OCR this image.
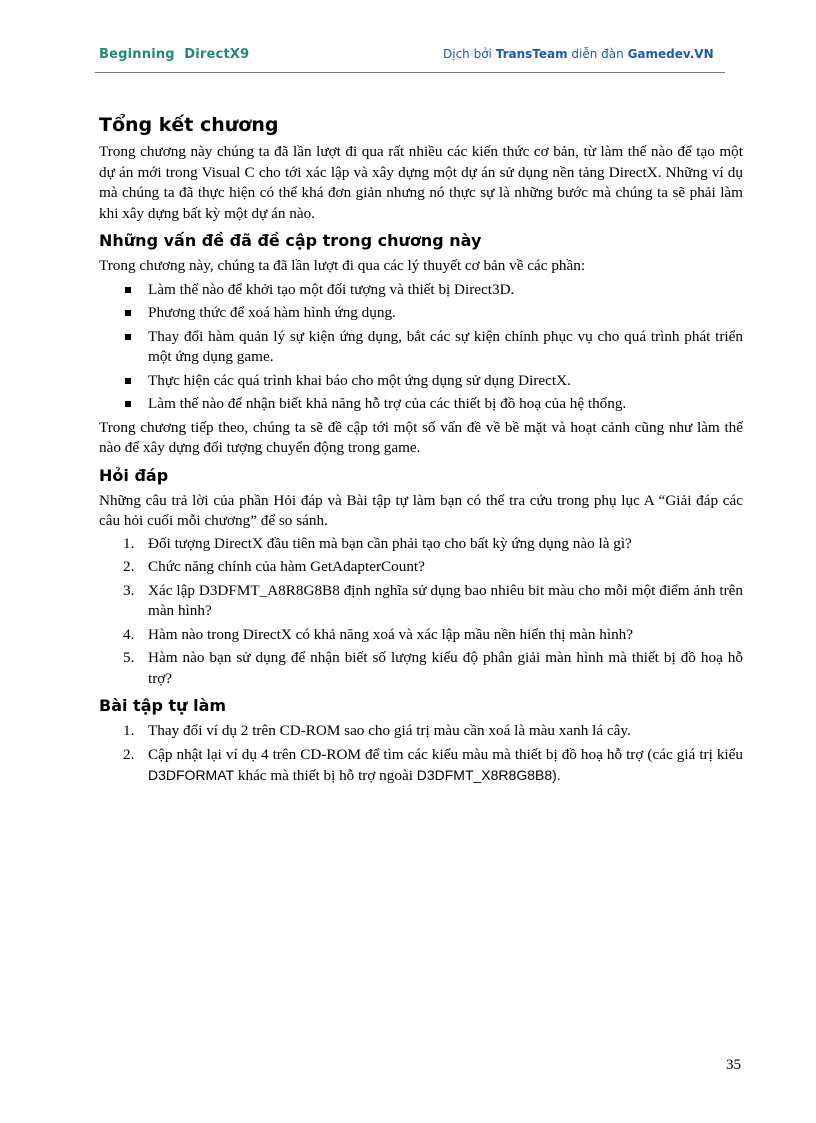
Beginning  DirectX9	Dịch bởi TransTeam diễn đàn Gamedev.VN
Tổng kết chương

Trong chương này chúng ta đã lần lượt đi qua rất nhiều các kiến thức cơ bản, từ làm thế nào để tạo một dự án mới trong Visual C cho tới xác lập và xây dựng một dự án sử dụng nền tảng DirectX. Những ví dụ mà chúng ta đã thực hiện có thể khá đơn giản nhưng nó thực sự là những bước mà chúng ta sẽ phải làm khi xây dựng bất kỳ một dự án nào.

Những vấn đề đã đề cập trong chương này

Trong chương này, chúng ta đã lần lượt đi qua các lý thuyết cơ bản về các phần:

Làm thế nào để khởi tạo một đối tượng và thiết bị Direct3D.
Phương thức để xoá hàm hình ứng dụng.
Thay đổi hàm quản lý sự kiện ứng dụng, bắt các sự kiện chính phục vụ cho quá trình phát triển một ứng dụng game.
Thực hiện các quá trình khai báo cho một ứng dụng sử dụng DirectX.
Làm thế nào để nhận biết khả năng hỗ trợ của các thiết bị đồ hoạ của hệ thống.

Trong chương tiếp theo, chúng ta sẽ đề cập tới một số vấn đề về bề mặt và hoạt cảnh cũng như làm thế nào để xây dựng đối tượng chuyển động trong game.

Hỏi đáp

Những câu trả lời của phần Hỏi đáp và Bài tập tự làm bạn có thể tra cứu trong phụ lục A “Giải đáp các câu hỏi cuối mỗi chương” để so sánh.

1. Đối tượng DirectX đầu tiên mà bạn cần phải tạo cho bất kỳ ứng dụng nào là gì?
2. Chức năng chính của hàm GetAdapterCount?
3. Xác lập D3DFMT_A8R8G8B8 định nghĩa sử dụng bao nhiêu bit màu cho mỗi một điểm ảnh trên màn hình?
4. Hàm nào trong DirectX có khả năng xoá và xác lập mầu nền hiển thị màn hình?
5. Hàm nào bạn sử dụng để nhận biết số lượng kiểu độ phân giải màn hình mà thiết bị đồ hoạ hỗ trợ?
Bài tập tự làm
1. Thay đổi ví dụ 2 trên CD-ROM sao cho giá trị màu cần xoá là màu xanh lá cây.
2. Cập nhật lại ví dụ 4 trên CD-ROM để tìm các kiểu màu mà thiết bị đồ hoạ hỗ trợ (các giá trị kiểu D3DFORMAT khác mà thiết bị hỗ trợ ngoài D3DFMT_X8R8G8B8).
35
